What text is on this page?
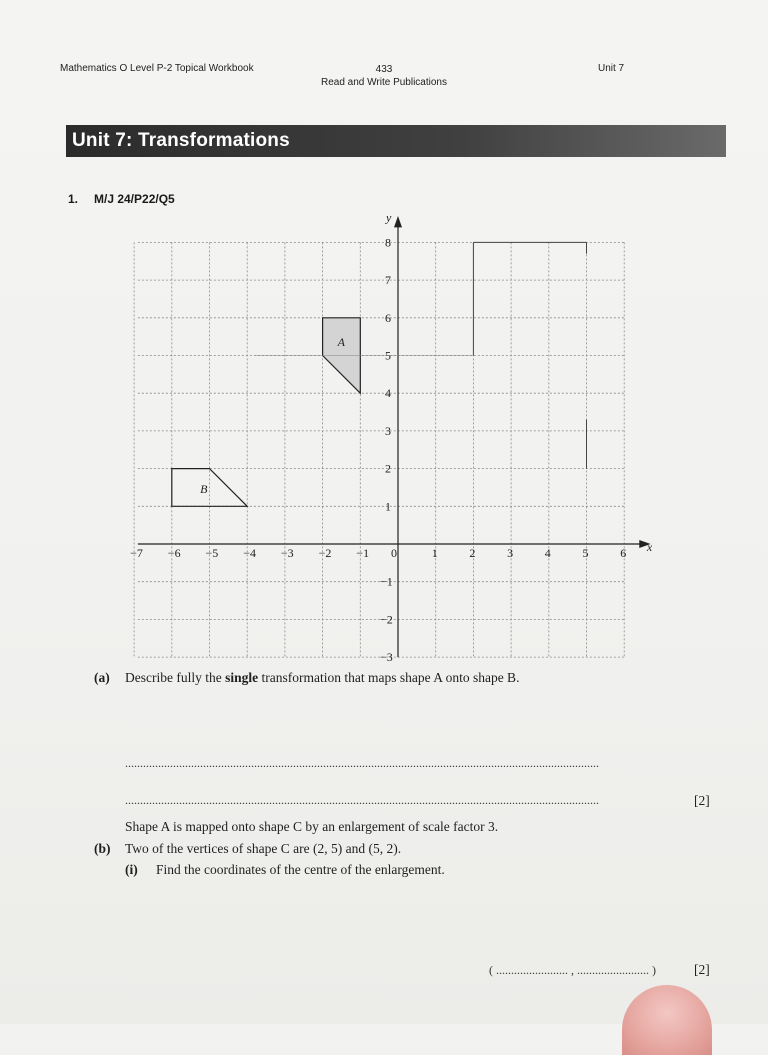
Mathematics O Level P-2 Topical Workbook	433
Read and Write Publications
Unit 7
Unit 7: Transformations
1. M/J 24/P22/Q5
−7 −6 −5 −4 −3 −2 −1 0	1	2	3	4	5	6
8
7
6
5
4
3
2
1
−1
−2
−3
x
y
A
B
(a) Describe fully the single transformation that maps shape A onto shape B.
..............................................................................................................................................................
..............................................................................................................................................................	[2]
Shape A is mapped onto shape C by an enlargement of scale factor 3.
(b) Two of the vertices of shape C are (2, 5) and (5, 2).
(i) Find the coordinates of the centre of the enlargement.
( ........................ , ........................ )	[2]
